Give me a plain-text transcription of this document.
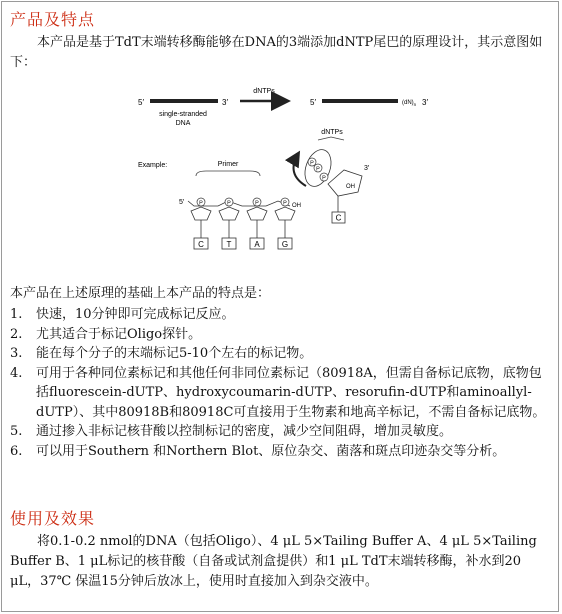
产品及特点

本产品是基于TdT末端转移酶能够在DNA的3端添加dNTP尾巴的原理设计，其示意图如下：

5′	3′
single-stranded
DNA
dNTPs
5′	$(dN)_n$ 3′
Example:	Primer
5′	P	P	P	P OH
C	T	A	G
dNTPs
P
P
P
3′
OH
C

本产品在上述原理的基础上本产品的特点是：

1. 快速，10分钟即可完成标记反应。
2. 尤其适合于标记Oligo探针。
3. 能在每个分子的末端标记5-10个左右的标记物。
4. 可用于各种同位素标记和其他任何非同位素标记（80918A，但需自备标记底物，底物包括fluorescein-dUTP、hydroxycoumarin-dUTP、resorufin-dUTP和aminoallyl-dUTP）、其中80918B和80918C可直接用于生物素和地高辛标记，不需自备标记底物。
5. 通过掺入非标记核苷酸以控制标记的密度，减少空间阻碍，增加灵敏度。
6. 可以用于Southern 和Northern Blot、原位杂交、菌落和斑点印迹杂交等分析。
使用及效果

将0.1-0.2 nmol的DNA（包括Oligo）、4 μL 5×Tailing Buffer A、4 μL 5×Tailing Buffer B、1 μL标记的核苷酸（自备或试剂盒提供）和1 μL TdT末端转移酶，补水到20 μL，37℃ 保温15分钟后放冰上，使用时直接加入到杂交液中。
